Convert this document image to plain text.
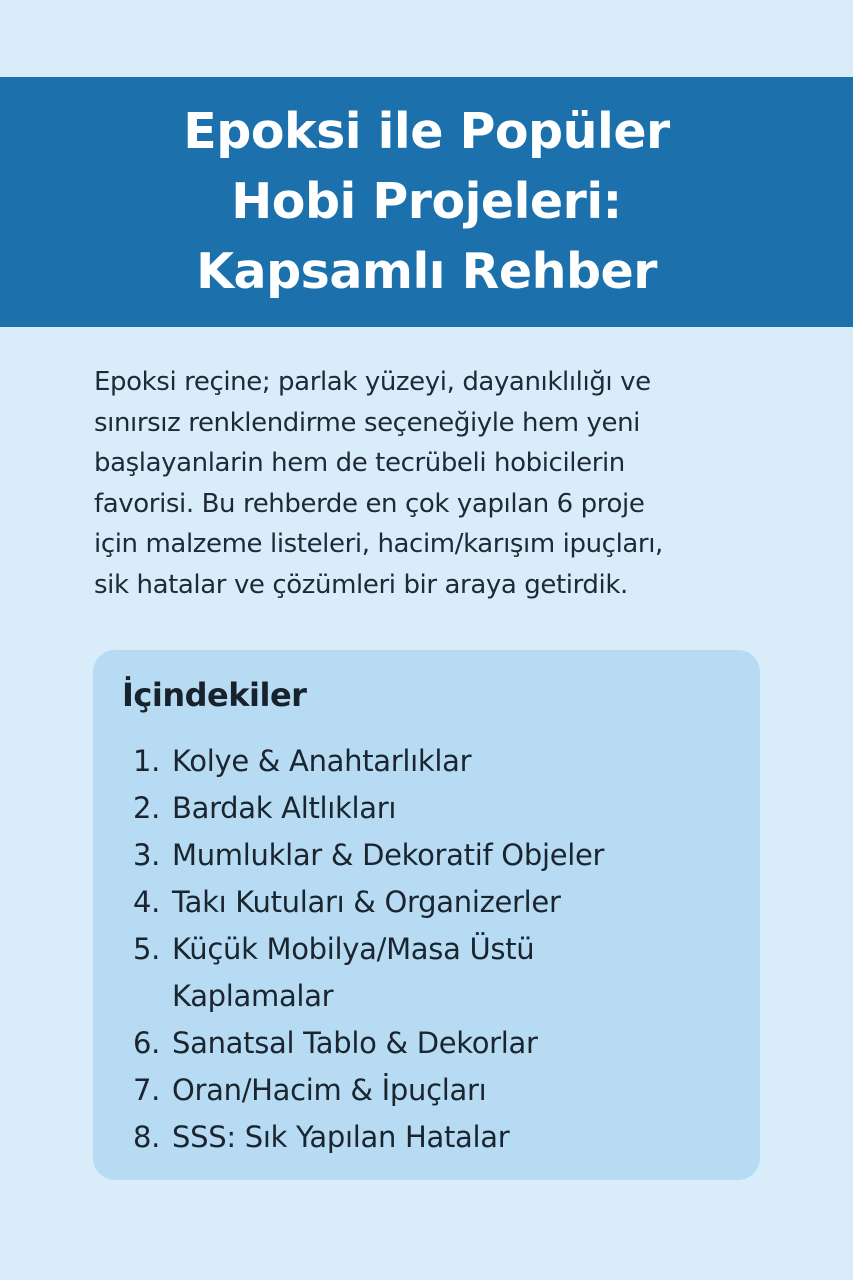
Epoksi ile Popüler
Hobi Projeleri:
Kapsamlı Rehber

Epoksi reçine; parlak yüzeyi, dayanıklılığı ve
sınırsız renklendirme seçeneğiyle hem yeni
başlayanlarin hem de tecrübeli hobicilerin
favorisi. Bu rehberde en çok yapılan 6 proje
için malzeme listeleri, hacim/karışım ipuçları,
sik hatalar ve çözümleri bir araya getirdik.

İçindekiler
1. Kolye & Anahtarlıklar
2. Bardak Altlıkları
3. Mumluklar & Dekoratif Objeler
4. Takı Kutuları & Organizerler
5. Küçük Mobilya/Masa Üstü
Kaplamalar
6. Sanatsal Tablo & Dekorlar
7. Oran/Hacim & İpuçları
8. SSS: Sık Yapılan Hatalar
